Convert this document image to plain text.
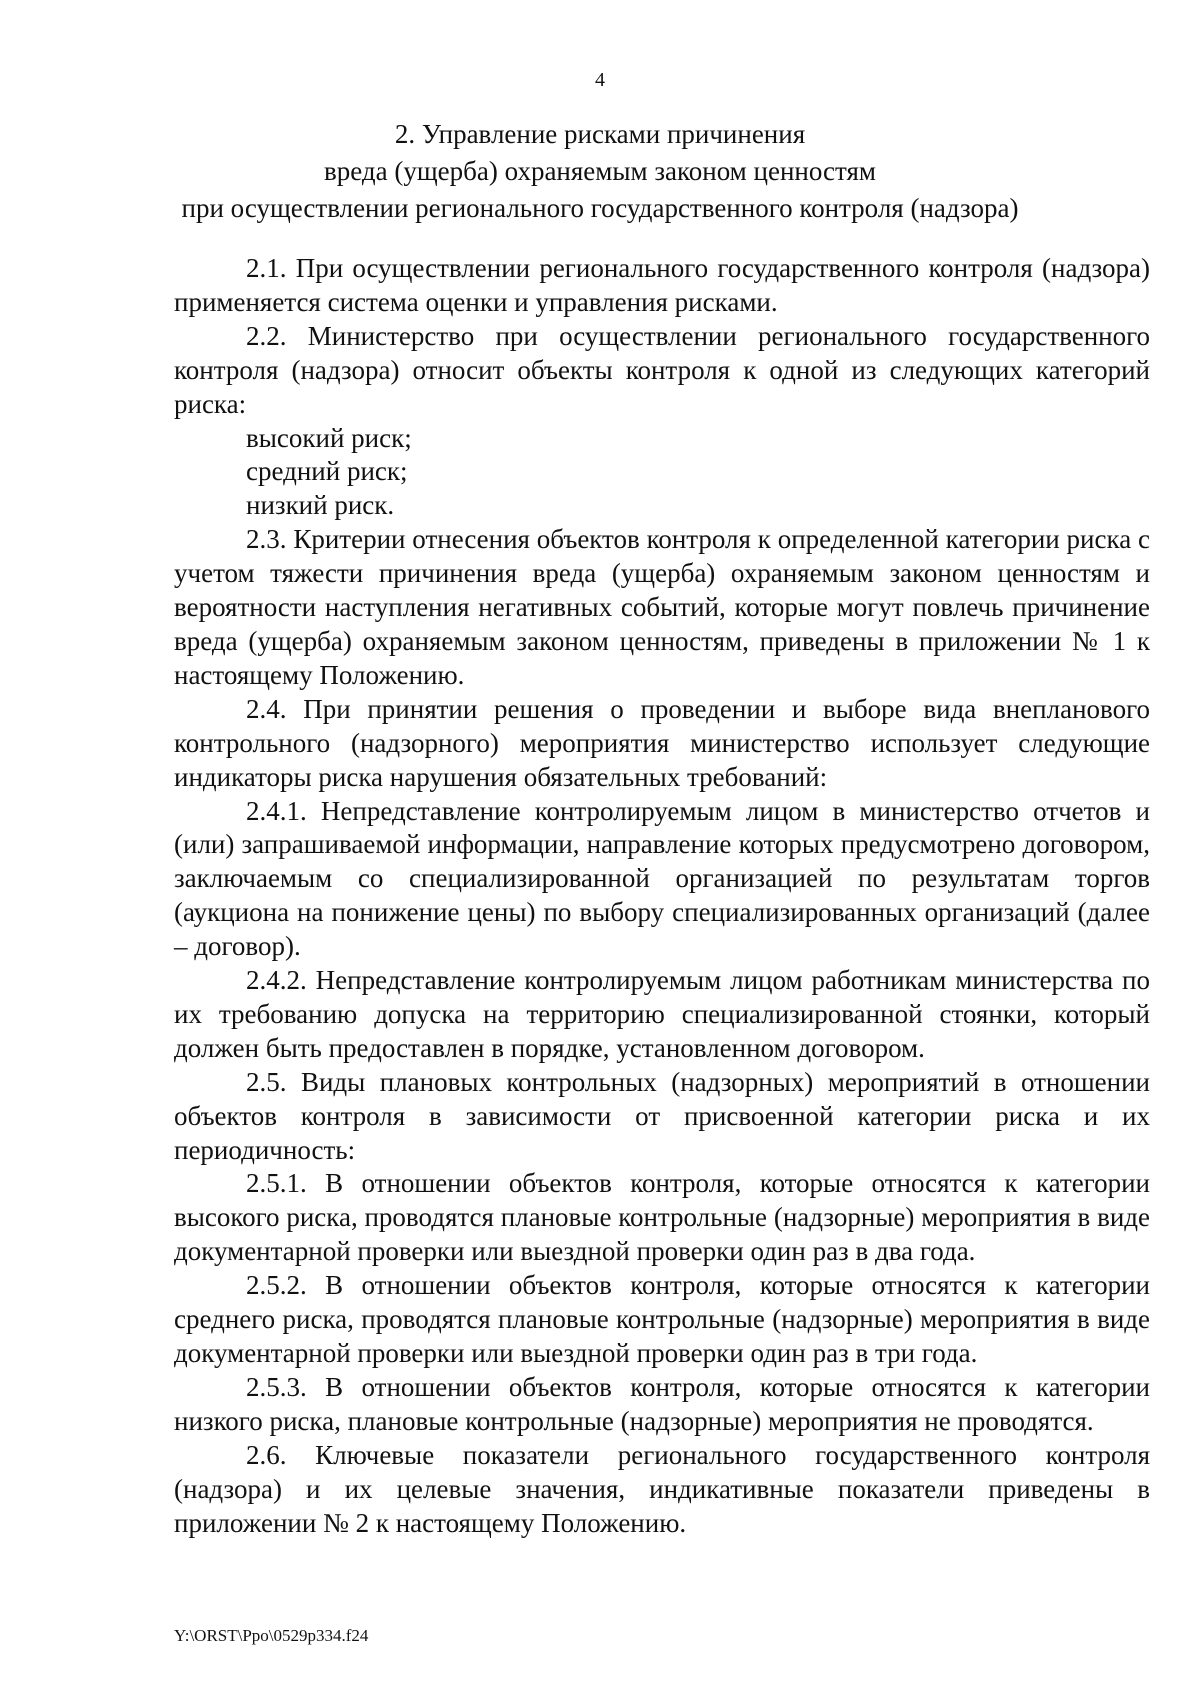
4
2. Управление рисками причинения
вреда (ущерба) охраняемым законом ценностям
при осуществлении регионального государственного контроля (надзора)

2.1. При осуществлении регионального государственного контроля (надзора) применяется система оценки и управления рисками.

2.2. Министерство при осуществлении регионального государственного контроля (надзора) относит объекты контроля к одной из следующих категорий риска:

высокий риск;

средний риск;

низкий риск.

2.3. Критерии отнесения объектов контроля к определенной категории риска с учетом тяжести причинения вреда (ущерба) охраняемым законом ценностям и вероятности наступления негативных событий, которые могут повлечь причинение вреда (ущерба) охраняемым законом ценностям, приведены в приложении № 1 к настоящему Положению.

2.4. При принятии решения о проведении и выборе вида внепланового контрольного (надзорного) мероприятия министерство использует следующие индикаторы риска нарушения обязательных требований:

2.4.1. Непредставление контролируемым лицом в министерство отчетов и (или) запрашиваемой информации, направление которых предусмотрено договором, заключаемым со специализированной организацией по результатам торгов (аукциона на понижение цены) по выбору специализированных организаций (далее – договор).

2.4.2. Непредставление контролируемым лицом работникам министерства по их требованию допуска на территорию специализированной стоянки, который должен быть предоставлен в порядке, установленном договором.

2.5. Виды плановых контрольных (надзорных) мероприятий в отношении объектов контроля в зависимости от присвоенной категории риска и их периодичность:

2.5.1. В отношении объектов контроля, которые относятся к категории высокого риска, проводятся плановые контрольные (надзорные) мероприятия в виде документарной проверки или выездной проверки один раз в два года.

2.5.2. В отношении объектов контроля, которые относятся к категории среднего риска, проводятся плановые контрольные (надзорные) мероприятия в виде документарной проверки или выездной проверки один раз в три года.

2.5.3. В отношении объектов контроля, которые относятся к категории низкого риска, плановые контрольные (надзорные) мероприятия не проводятся.

2.6. Ключевые показатели регионального государственного контроля (надзора) и их целевые значения, индикативные показатели приведены в приложении № 2 к настоящему Положению.

Y:\ORST\Ppo\0529p334.f24
